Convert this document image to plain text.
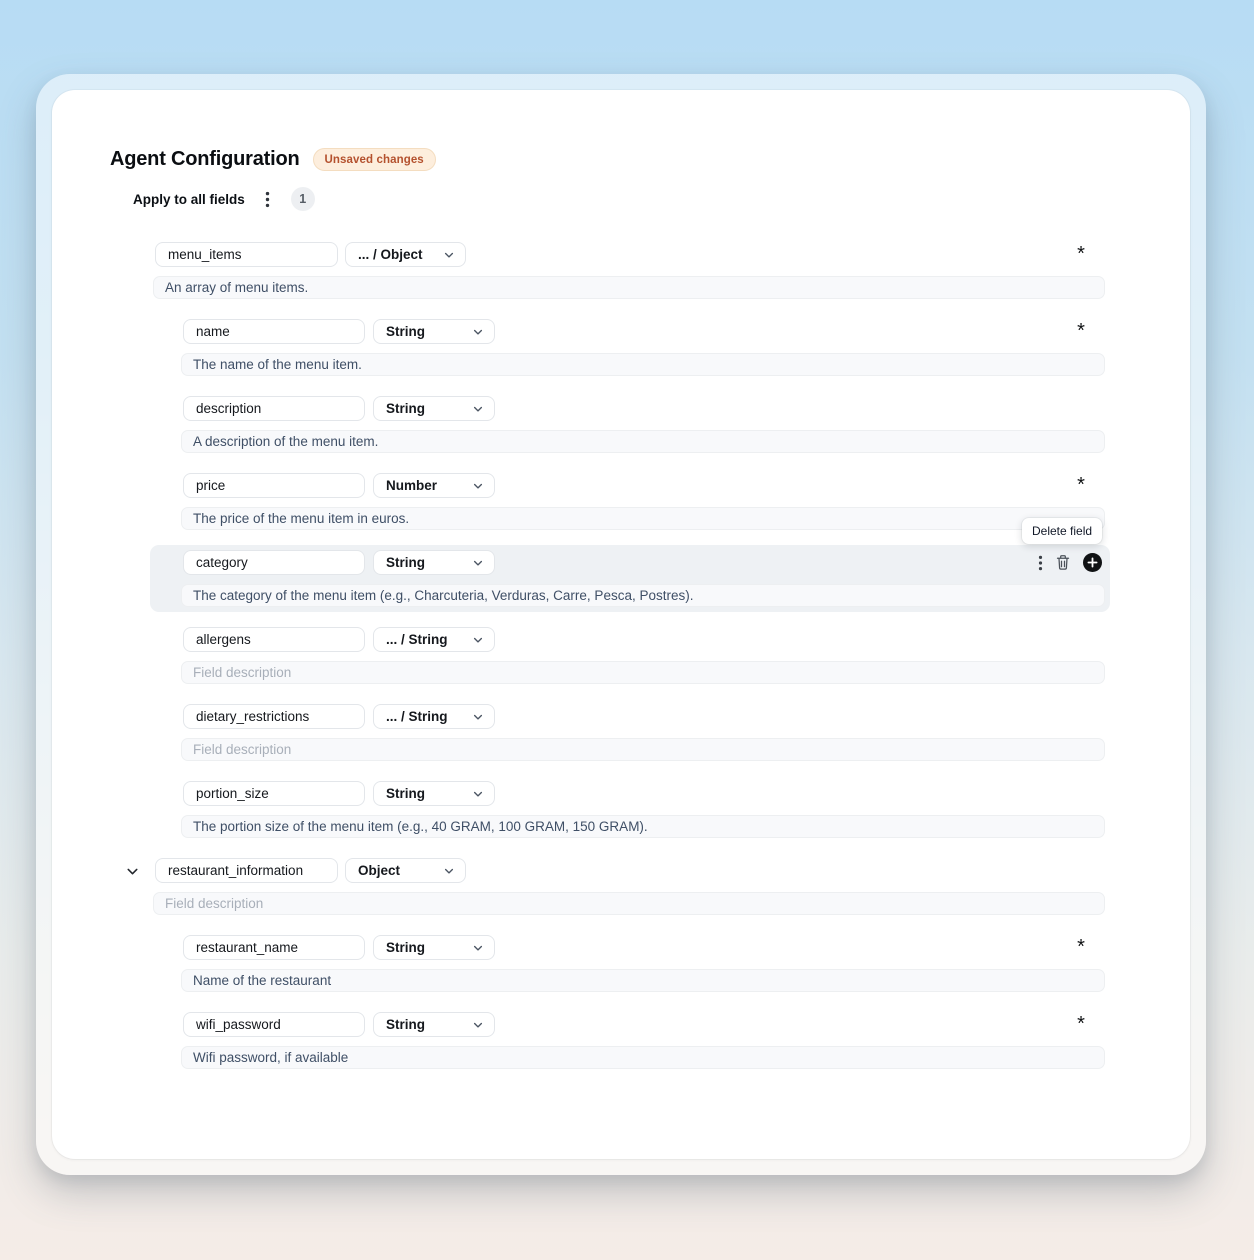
Agent Configuration	Unsaved changes
Apply to all fields	1
menu_items
... / Object	*
An array of menu items.
name
String	*
The name of the menu item.
description
String
A description of the menu item.
price
Number	*
The price of the menu item in euros.
category
String
Delete field
The category of the menu item (e.g., Charcuteria, Verduras, Carre, Pesca, Postres).
allergens
... / String
Field description
dietary_restrictions
... / String
Field description
portion_size
String
The portion size of the menu item (e.g., 40 GRAM, 100 GRAM, 150 GRAM).
restaurant_information
Object
Field description
restaurant_name
String	*
Name of the restaurant
wifi_password
String	*
Wifi password, if available
